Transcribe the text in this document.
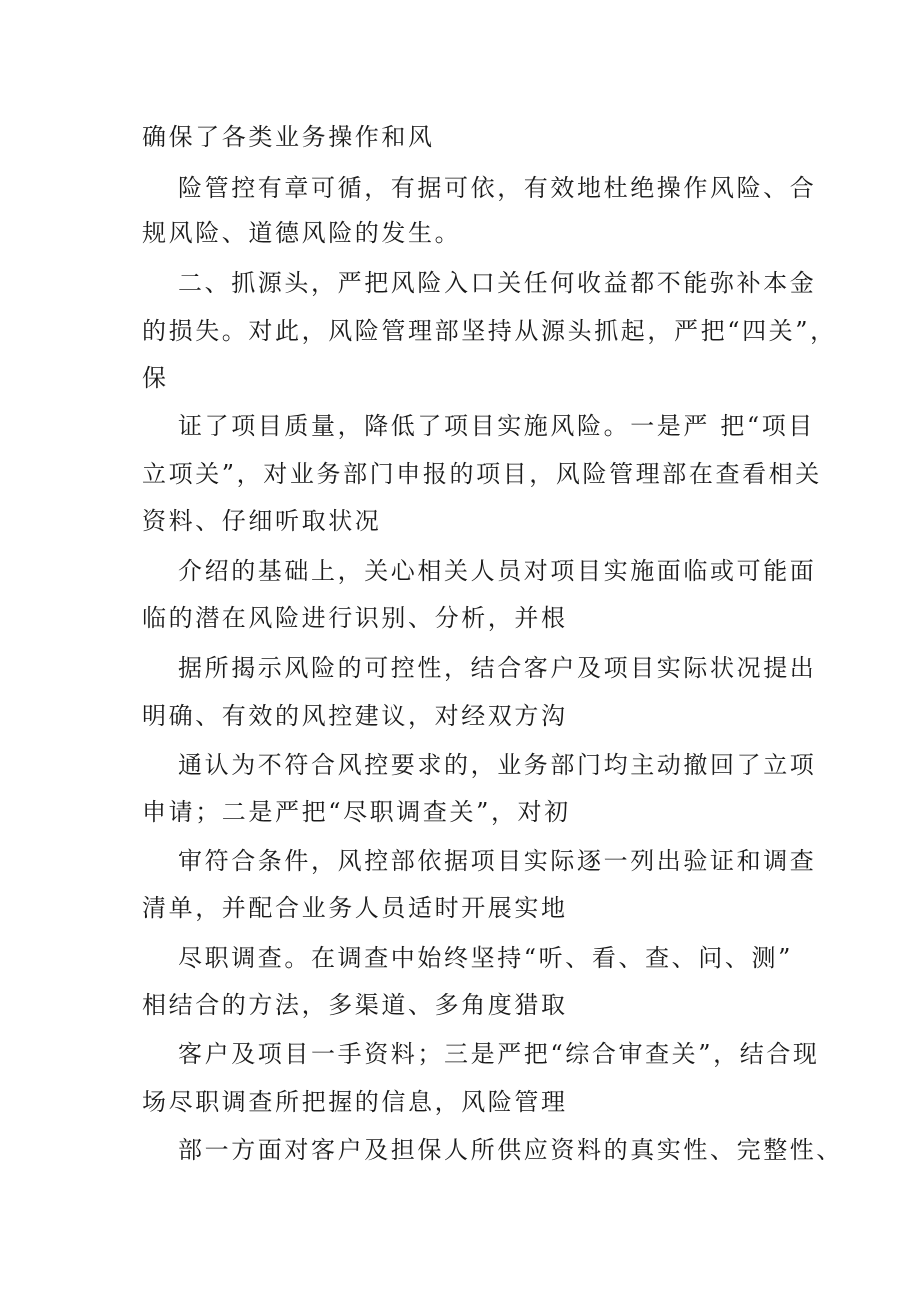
确保了各类业务操作和风

险管控有章可循，有据可依，有效地杜绝操作风险、合

规风险、道德风险的发生。

二、抓源头，严把风险入口关任何收益都不能弥补本金

的损失。对此，风险管理部坚持从源头抓起，严把“四关”，

保

证了项目质量，降低了项目实施风险。一是严 把“项目

立项关”，对业务部门申报的项目，风险管理部在查看相关

资料、仔细听取状况

介绍的基础上，关心相关人员对项目实施面临或可能面

临的潜在风险进行识别、分析，并根

据所揭示风险的可控性，结合客户及项目实际状况提出

明确、有效的风控建议，对经双方沟

通认为不符合风控要求的，业务部门均主动撤回了立项

申请；二是严把“尽职调查关”，对初

审符合条件，风控部依据项目实际逐一列出验证和调查

清单，并配合业务人员适时开展实地

尽职调查。在调查中始终坚持“听、看、查、问、测”

相结合的方法，多渠道、多角度猎取

客户及项目一手资料；三是严把“综合审查关”，结合现

场尽职调查所把握的信息，风险管理

部一方面对客户及担保人所供应资料的真实性、完整性、
